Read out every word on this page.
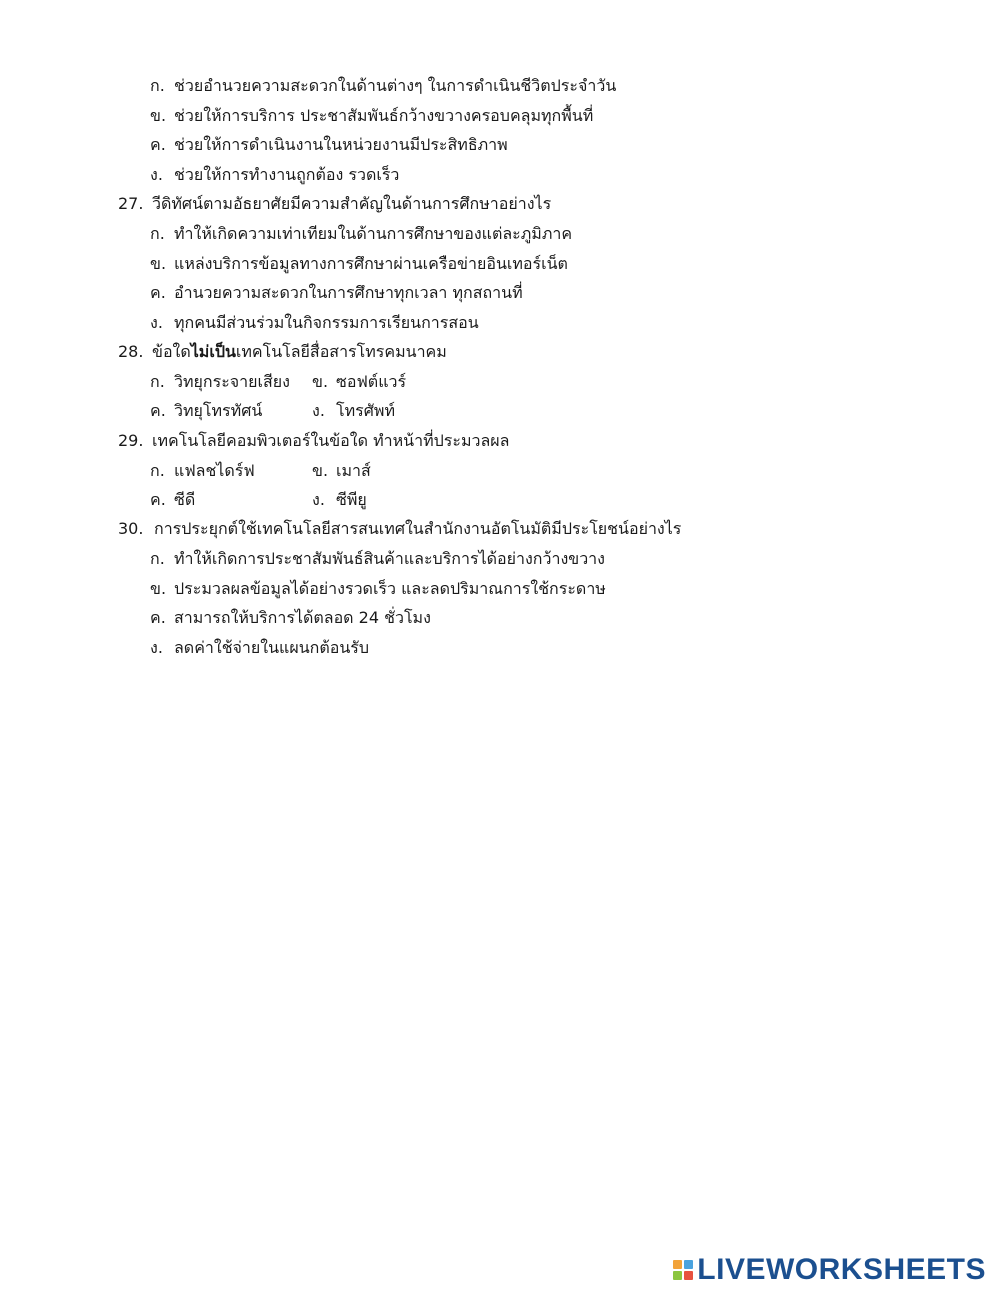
ก. ช่วยอำนวยความสะดวกในด้านต่างๆ ในการดำเนินชีวิตประจำวัน
ข. ช่วยให้การบริการ ประชาสัมพันธ์กว้างขวางครอบคลุมทุกพื้นที่
ค. ช่วยให้การดำเนินงานในหน่วยงานมีประสิทธิภาพ
ง. ช่วยให้การทำงานถูกต้อง รวดเร็ว
27. วีดิทัศน์ตามอัธยาศัยมีความสำคัญในด้านการศึกษาอย่างไร
ก. ทำให้เกิดความเท่าเทียมในด้านการศึกษาของแต่ละภูมิภาค
ข. แหล่งบริการข้อมูลทางการศึกษาผ่านเครือข่ายอินเทอร์เน็ต
ค. อำนวยความสะดวกในการศึกษาทุกเวลา ทุกสถานที่
ง. ทุกคนมีส่วนร่วมในกิจกรรมการเรียนการสอน
28. ข้อใดไม่เป็นเทคโนโลยีสื่อสารโทรคมนาคม
ก. วิทยุกระจายเสียง ข. ซอฟต์แวร์
ค. วิทยุโทรทัศน์	ง. โทรศัพท์
29. เทคโนโลยีคอมพิวเตอร์ในข้อใด ทำหน้าที่ประมวลผล
ก. แฟลชไดร์ฟ	ข. เมาส์
ค. ซีดี	ง. ซีพียู
30. การประยุกต์ใช้เทคโนโลยีสารสนเทศในสำนักงานอัตโนมัติมีประโยชน์อย่างไร
ก. ทำให้เกิดการประชาสัมพันธ์สินค้าและบริการได้อย่างกว้างขวาง
ข. ประมวลผลข้อมูลได้อย่างรวดเร็ว และลดปริมาณการใช้กระดาษ
ค. สามารถให้บริการได้ตลอด 24 ชั่วโมง
ง. ลดค่าใช้จ่ายในแผนกต้อนรับ
LIVEWORKSHEETS
